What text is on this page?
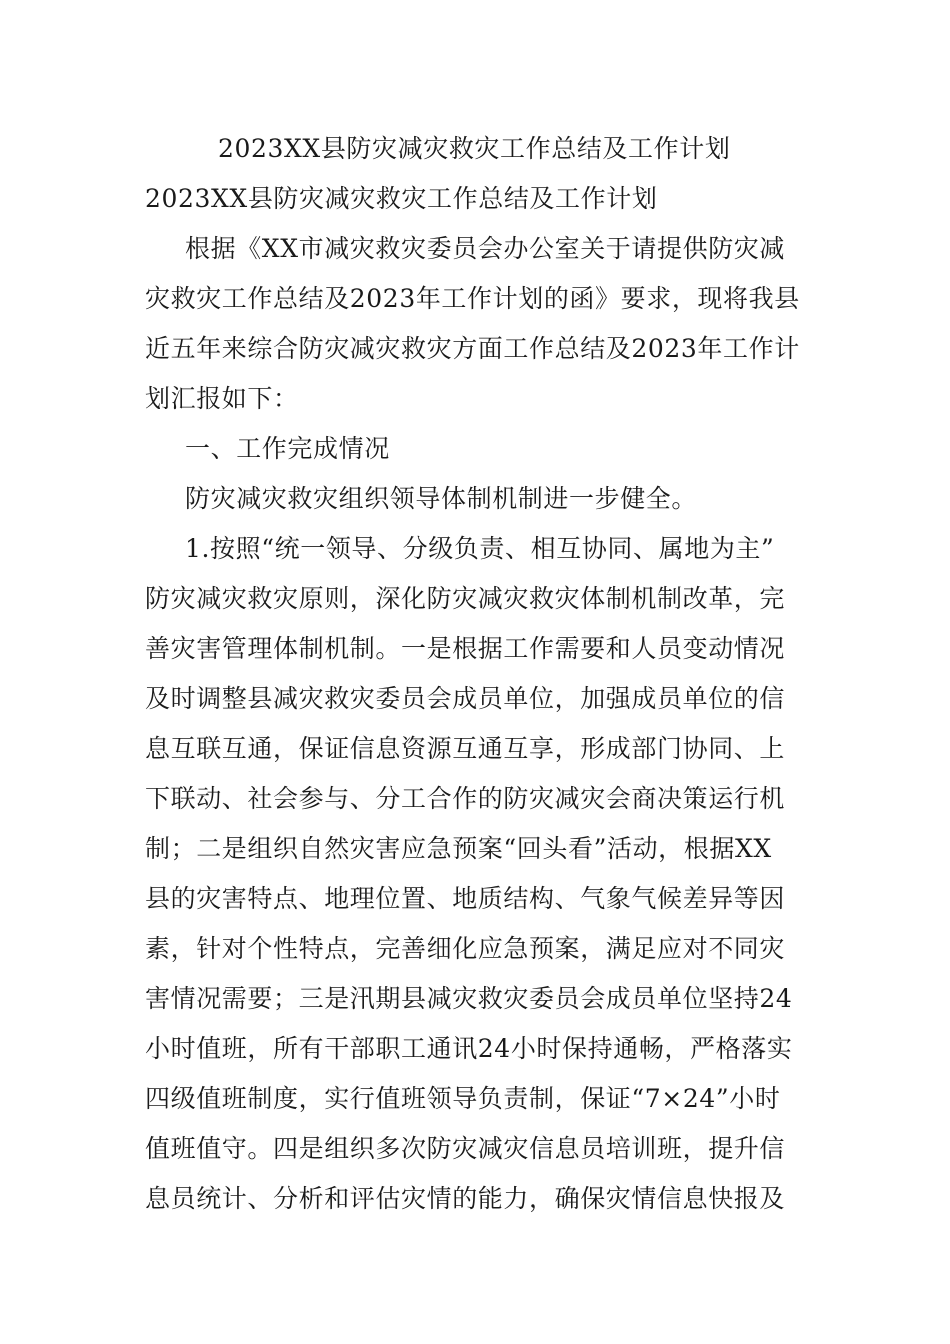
2023XX县防灾减灾救灾工作总结及工作计划
2023XX县防灾减灾救灾工作总结及工作计划
根据《XX市减灾救灾委员会办公室关于请提供防灾减
灾救灾工作总结及2023年工作计划的函》要求，现将我县
近五年来综合防灾减灾救灾方面工作总结及2023年工作计
划汇报如下：
一、工作完成情况
防灾减灾救灾组织领导体制机制进一步健全。
1.按照“统一领导、分级负责、相互协同、属地为主”
防灾减灾救灾原则，深化防灾减灾救灾体制机制改革，完
善灾害管理体制机制。一是根据工作需要和人员变动情况
及时调整县减灾救灾委员会成员单位，加强成员单位的信
息互联互通，保证信息资源互通互享，形成部门协同、上
下联动、社会参与、分工合作的防灾减灾会商决策运行机
制；二是组织自然灾害应急预案“回头看”活动，根据XX
县的灾害特点、地理位置、地质结构、气象气候差异等因
素，针对个性特点，完善细化应急预案，满足应对不同灾
害情况需要；三是汛期县减灾救灾委员会成员单位坚持24
小时值班，所有干部职工通讯24小时保持通畅，严格落实
四级值班制度，实行值班领导负责制，保证“7×24”小时
值班值守。四是组织多次防灾减灾信息员培训班，提升信
息员统计、分析和评估灾情的能力，确保灾情信息快报及
